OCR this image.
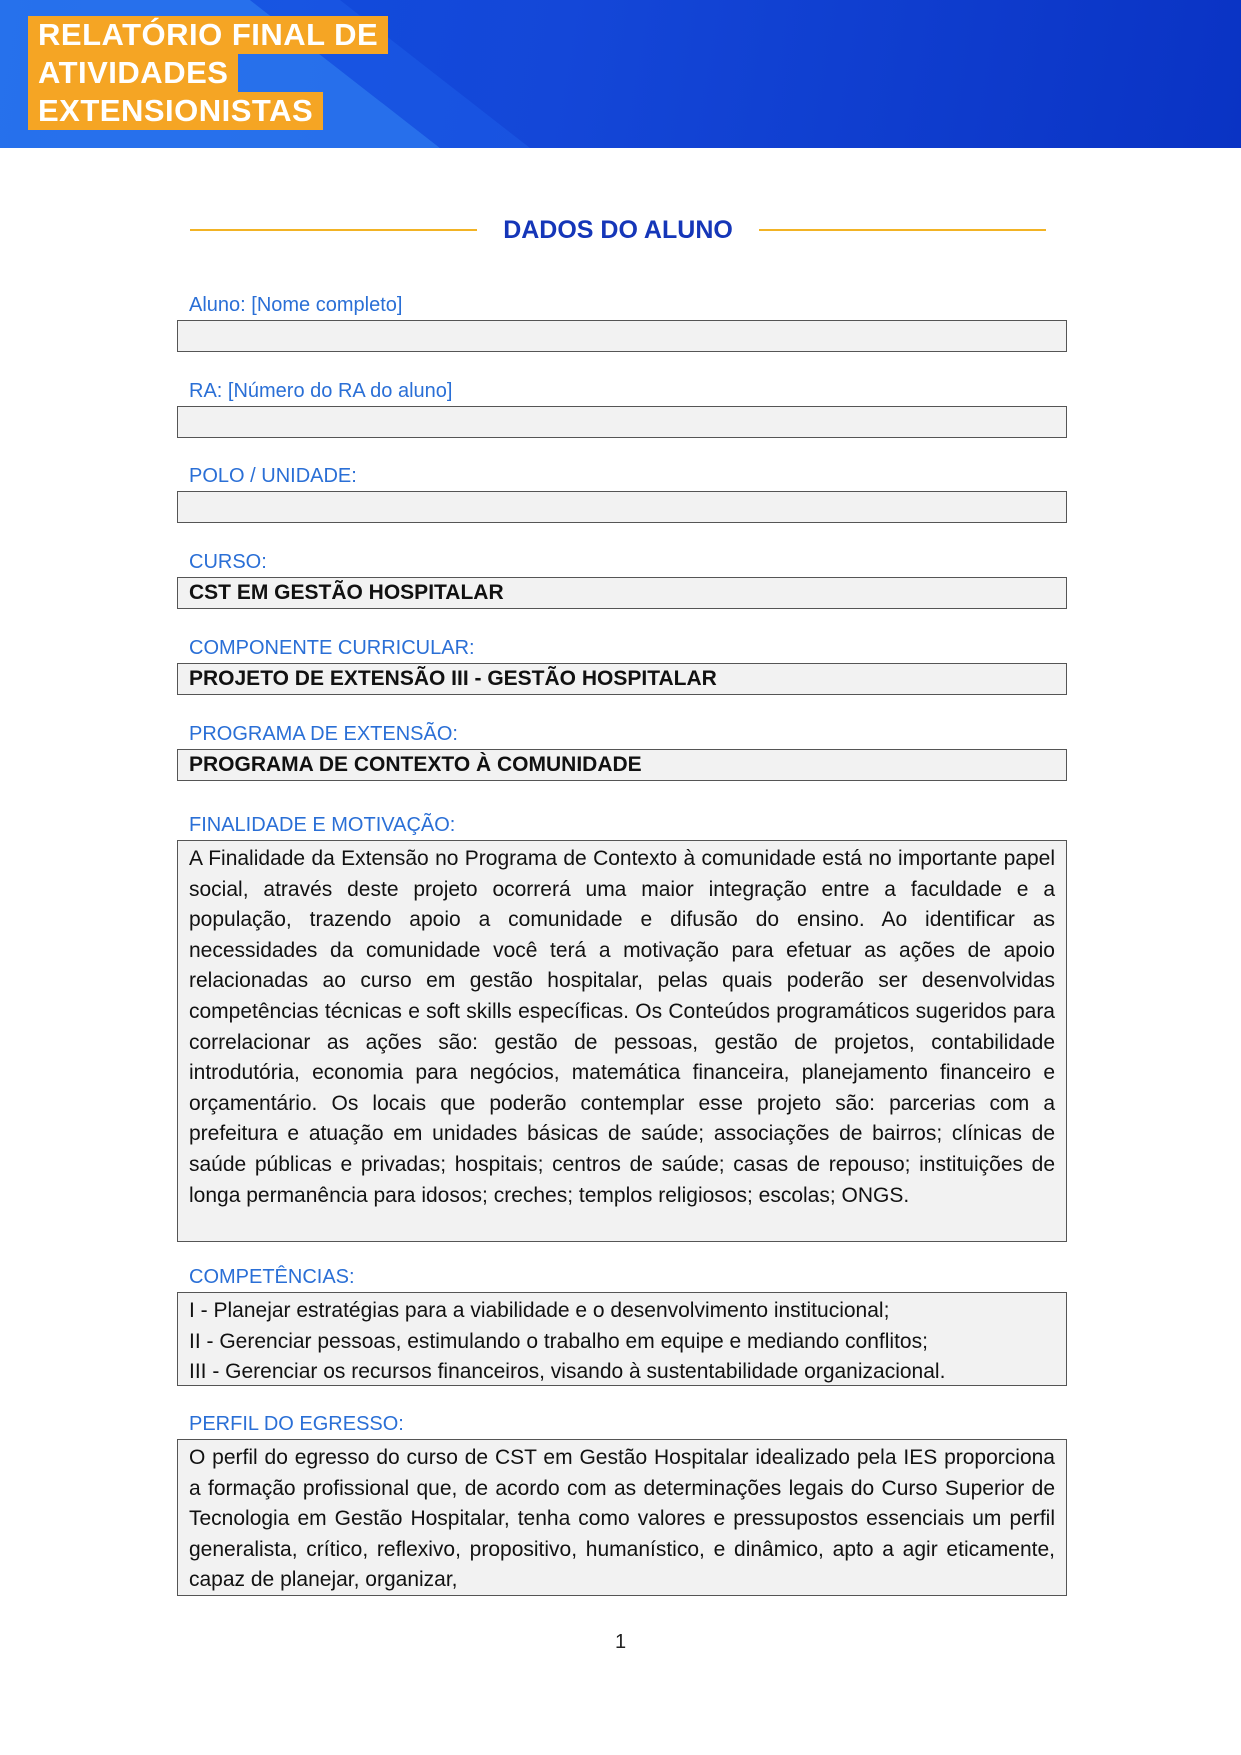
RELATÓRIO FINAL DE
ATIVIDADES
EXTENSIONISTAS
DADOS DO ALUNO
Aluno: [Nome completo]
RA: [Número do RA do aluno]
POLO / UNIDADE:
CURSO:
CST EM GESTÃO HOSPITALAR
COMPONENTE CURRICULAR:
PROJETO DE EXTENSÃO III - GESTÃO HOSPITALAR
PROGRAMA DE EXTENSÃO:
PROGRAMA DE CONTEXTO À COMUNIDADE
FINALIDADE E MOTIVAÇÃO:
A Finalidade da Extensão no Programa de Contexto à comunidade está no importante papel social, através deste projeto ocorrerá uma maior integração entre a faculdade e a população, trazendo apoio a comunidade e difusão do ensino. Ao identificar as necessidades da comunidade você terá a motivação para efetuar as ações de apoio relacionadas ao curso em gestão hospitalar, pelas quais poderão ser desenvolvidas competências técnicas e soft skills específicas. Os Conteúdos programáticos sugeridos para correlacionar as ações são: gestão de pessoas, gestão de projetos, contabilidade introdutória, economia para negócios, matemática financeira, planejamento financeiro e orçamentário. Os locais que poderão contemplar esse projeto são: parcerias com a prefeitura e atuação em unidades básicas de saúde; associações de bairros; clínicas de saúde públicas e privadas; hospitais; centros de saúde; casas de repouso; instituições de longa permanência para idosos; creches; templos religiosos; escolas; ONGS.
COMPETÊNCIAS:
I - Planejar estratégias para a viabilidade e o desenvolvimento institucional;
II - Gerenciar pessoas, estimulando o trabalho em equipe e mediando conflitos;
III - Gerenciar os recursos financeiros, visando à sustentabilidade organizacional.
PERFIL DO EGRESSO:
O perfil do egresso do curso de CST em Gestão Hospitalar idealizado pela IES proporciona a formação profissional que, de acordo com as determinações legais do Curso Superior de Tecnologia em Gestão Hospitalar, tenha como valores e pressupostos essenciais um perfil generalista, crítico, reflexivo, propositivo, humanístico, e dinâmico, apto a agir eticamente, capaz de planejar, organizar,
1
